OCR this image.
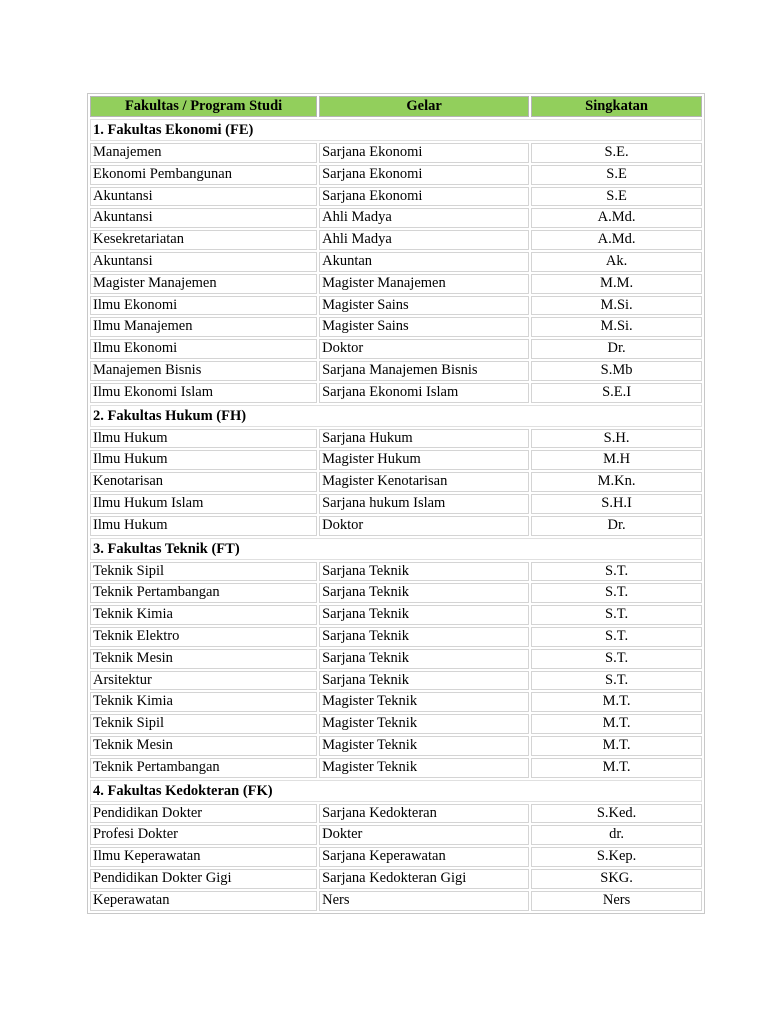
Fakultas / Program Studi	Gelar	Singkatan
1. Fakultas Ekonomi (FE)		
Manajemen	Sarjana Ekonomi	S.E.
Ekonomi Pembangunan	Sarjana Ekonomi	S.E
Akuntansi	Sarjana Ekonomi	S.E
Akuntansi	Ahli Madya	A.Md.
Kesekretariatan	Ahli Madya	A.Md.
Akuntansi	Akuntan	Ak.
Magister Manajemen	Magister Manajemen	M.M.
Ilmu Ekonomi	Magister Sains	M.Si.
Ilmu Manajemen	Magister Sains	M.Si.
Ilmu Ekonomi	Doktor	Dr.
Manajemen Bisnis	Sarjana Manajemen Bisnis	S.Mb
Ilmu Ekonomi Islam	Sarjana Ekonomi Islam	S.E.I
2. Fakultas Hukum (FH)		
Ilmu Hukum	Sarjana Hukum	S.H.
Ilmu Hukum	Magister Hukum	M.H
Kenotarisan	Magister Kenotarisan	M.Kn.
Ilmu Hukum Islam	Sarjana hukum Islam	S.H.I
Ilmu Hukum	Doktor	Dr.
3. Fakultas Teknik (FT)		
Teknik Sipil	Sarjana Teknik	S.T.
Teknik Pertambangan	Sarjana Teknik	S.T.
Teknik Kimia	Sarjana Teknik	S.T.
Teknik Elektro	Sarjana Teknik	S.T.
Teknik Mesin	Sarjana Teknik	S.T.
Arsitektur	Sarjana Teknik	S.T.
Teknik Kimia	Magister Teknik	M.T.
Teknik Sipil	Magister Teknik	M.T.
Teknik Mesin	Magister Teknik	M.T.
Teknik Pertambangan	Magister Teknik	M.T.
4. Fakultas Kedokteran (FK)		
Pendidikan Dokter	Sarjana Kedokteran	S.Ked.
Profesi Dokter	Dokter	dr.
Ilmu Keperawatan	Sarjana Keperawatan	S.Kep.
Pendidikan Dokter Gigi	Sarjana Kedokteran Gigi	SKG.
Keperawatan	Ners	Ners
